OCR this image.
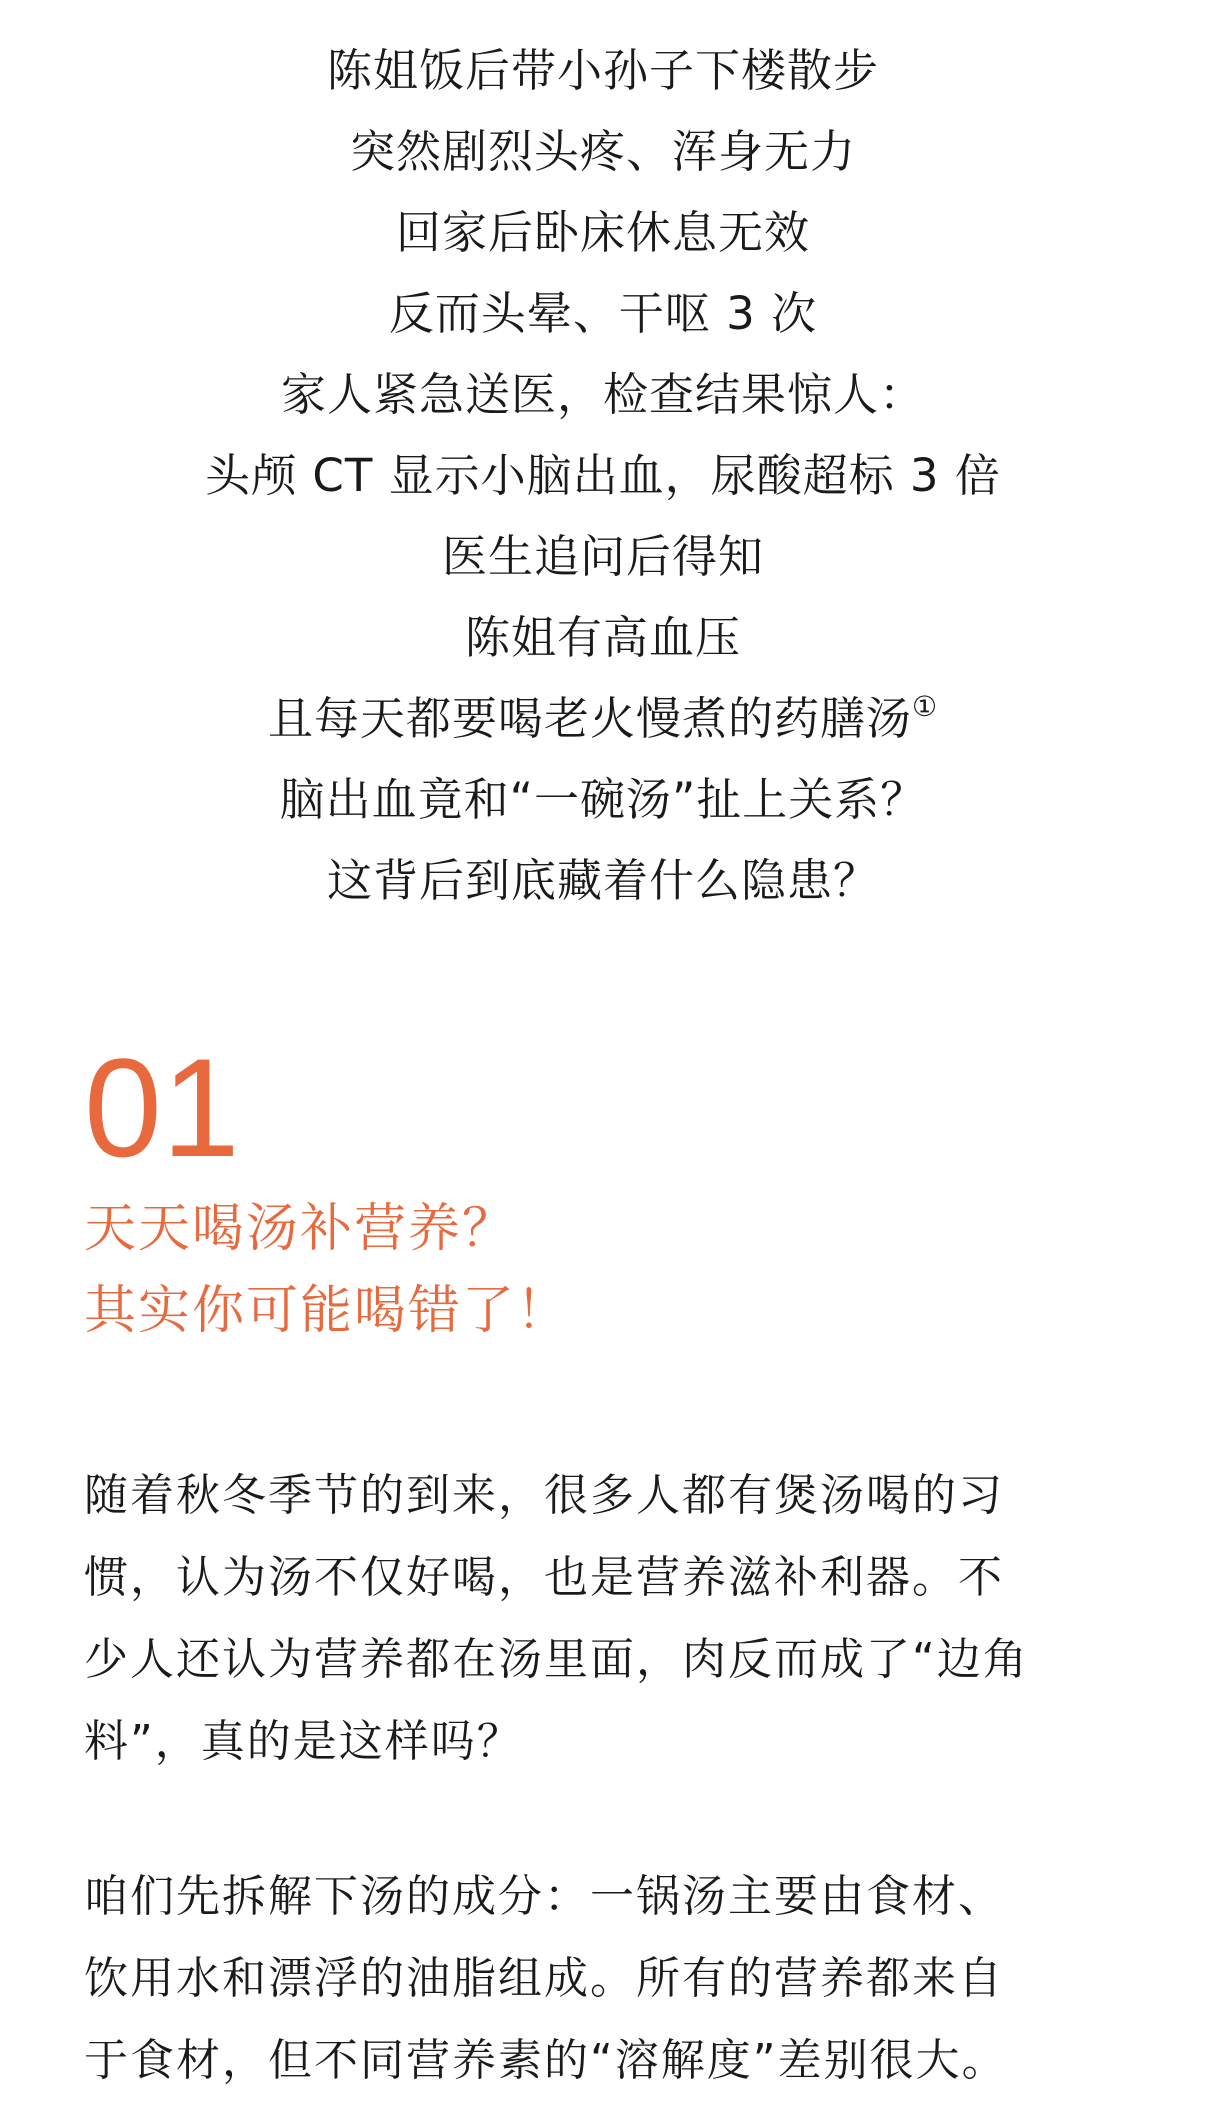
陈姐饭后带小孙子下楼散步
突然剧烈头疼、浑身无力
回家后卧床休息无效
反而头晕、干呕 3 次
家人紧急送医，检查结果惊人：
头颅 CT 显示小脑出血，尿酸超标 3 倍
医生追问后得知
陈姐有高血压
且每天都要喝老火慢煮的药膳汤①
脑出血竟和“一碗汤”扯上关系？
这背后到底藏着什么隐患？
01
天天喝汤补营养？
其实你可能喝错了！

随着秋冬季节的到来，很多人都有煲汤喝的习
惯，认为汤不仅好喝，也是营养滋补利器。不
少人还认为营养都在汤里面，肉反而成了“边角
料”，真的是这样吗？

咱们先拆解下汤的成分：一锅汤主要由食材、
饮用水和漂浮的油脂组成。所有的营养都来自
于食材，但不同营养素的“溶解度”差别很大。
